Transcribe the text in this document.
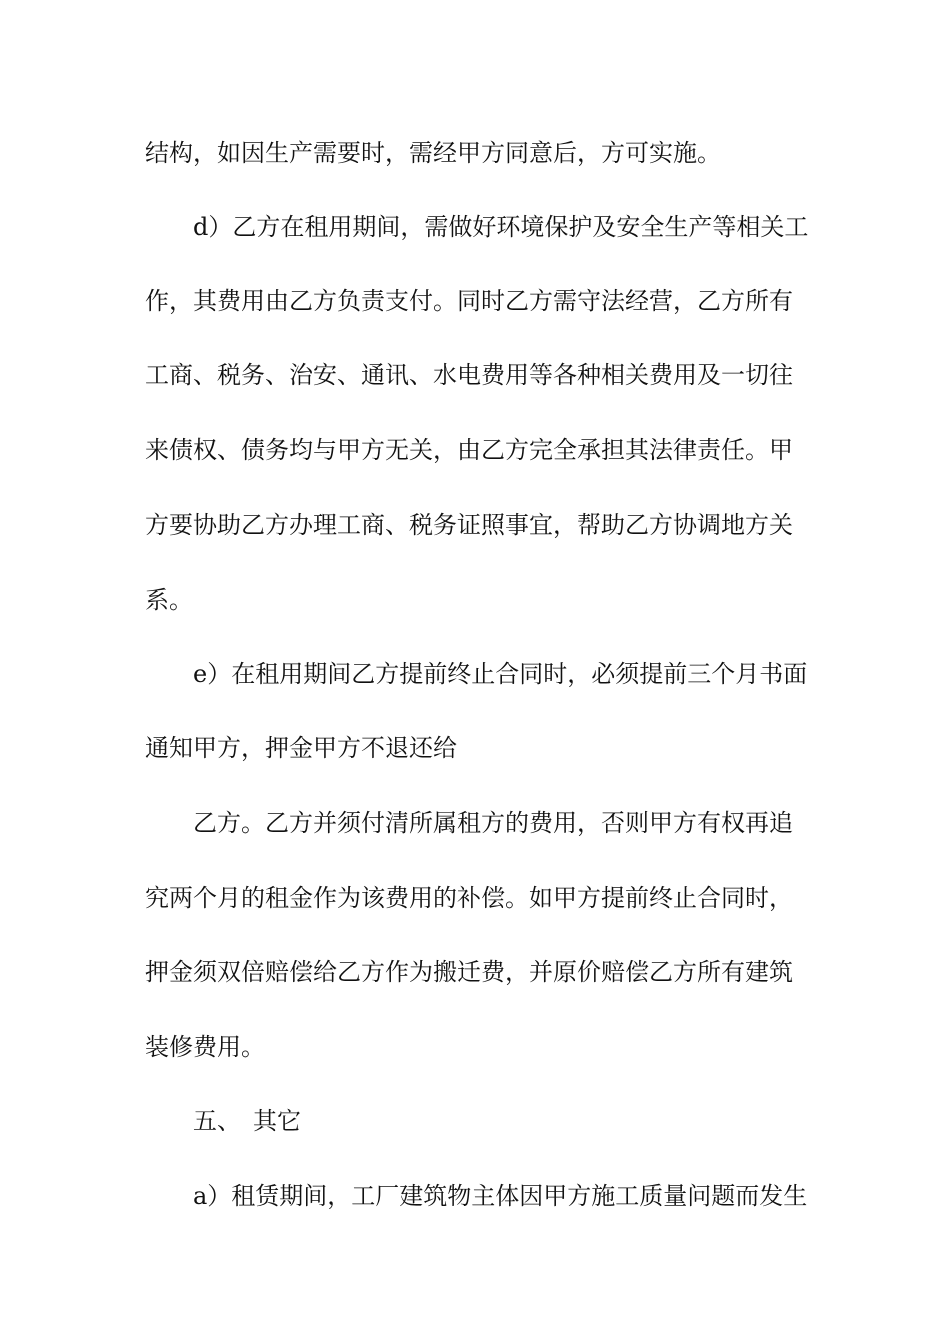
结构，如因生产需要时，需经甲方同意后，方可实施。
d）乙方在租用期间，需做好环境保护及安全生产等相关工
作，其费用由乙方负责支付。同时乙方需守法经营，乙方所有
工商、税务、治安、通讯、水电费用等各种相关费用及一切往
来债权、债务均与甲方无关，由乙方完全承担其法律责任。甲
方要协助乙方办理工商、税务证照事宜，帮助乙方协调地方关
系。
e）在租用期间乙方提前终止合同时，必须提前三个月书面
通知甲方，押金甲方不退还给
乙方。乙方并须付清所属租方的费用，否则甲方有权再追
究两个月的租金作为该费用的补偿。如甲方提前终止合同时，
押金须双倍赔偿给乙方作为搬迁费，并原价赔偿乙方所有建筑
装修费用。
五、　其它
a）租赁期间，工厂建筑物主体因甲方施工质量问题而发生
